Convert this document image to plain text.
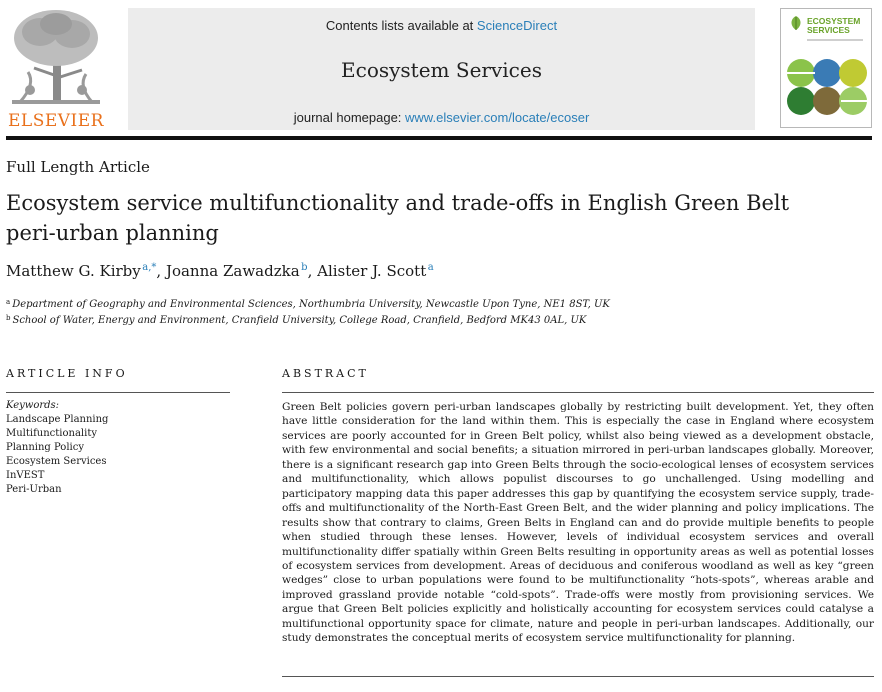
ELSEVIER
Contents lists available at ScienceDirect
Ecosystem Services
journal homepage: www.elsevier.com/locate/ecoser
ECOSYSTEM
SERVICES
Full Length Article
Ecosystem service multifunctionality and trade-offs in English Green Belt
peri-urban planning
Matthew G. Kirby  $^{a,*}$, Joanna Zawadzka  $^b$, Alister J. Scott  $^a$
$^a$ Department of Geography and Environmental Sciences, Northumbria University, Newcastle Upon Tyne, NE1 8ST, UK
$^b$ School of Water, Energy and Environment, Cranfield University, College Road, Cranfield, Bedford MK43 0AL, UK
ARTICLE INFO
Keywords:
Landscape Planning
Multifunctionality
Planning Policy
Ecosystem Services
InVEST
Peri-Urban
ABSTRACT

Green Belt policies govern peri-urban landscapes globally by restricting built development. Yet, they often have little consideration for the land within them. This is especially the case in England where ecosystem services are poorly accounted for in Green Belt policy, whilst also being viewed as a development obstacle, with few environmental and social benefits; a situation mirrored in peri-urban landscapes globally. Moreover, there is a significant research gap into Green Belts through the socio-ecological lenses of ecosystem services and multifunctionality, which allows populist discourses to go unchallenged. Using modelling and participatory mapping data this paper addresses this gap by quantifying the ecosystem service supply, trade-offs and multifunctionality of the North-East Green Belt, and the wider planning and policy implications. The results show that contrary to claims, Green Belts in England can and do provide multiple benefits to people when studied through these lenses. However, levels of individual ecosystem services and overall multifunctionality differ spatially within Green Belts resulting in opportunity areas as well as potential losses of ecosystem services from development. Areas of deciduous and coniferous woodland as well as key “green wedges” close to urban populations were found to be multifunctionality “hots-spots”, whereas arable and improved grassland provide notable “cold-spots”. Trade-offs were mostly from provisioning services. We argue that Green Belt policies explicitly and holistically accounting for ecosystem services could catalyse a multifunctional opportunity space for climate, nature and people in peri-urban landscapes. Additionally, our study demonstrates the conceptual merits of ecosystem service multifunctionality for planning.
